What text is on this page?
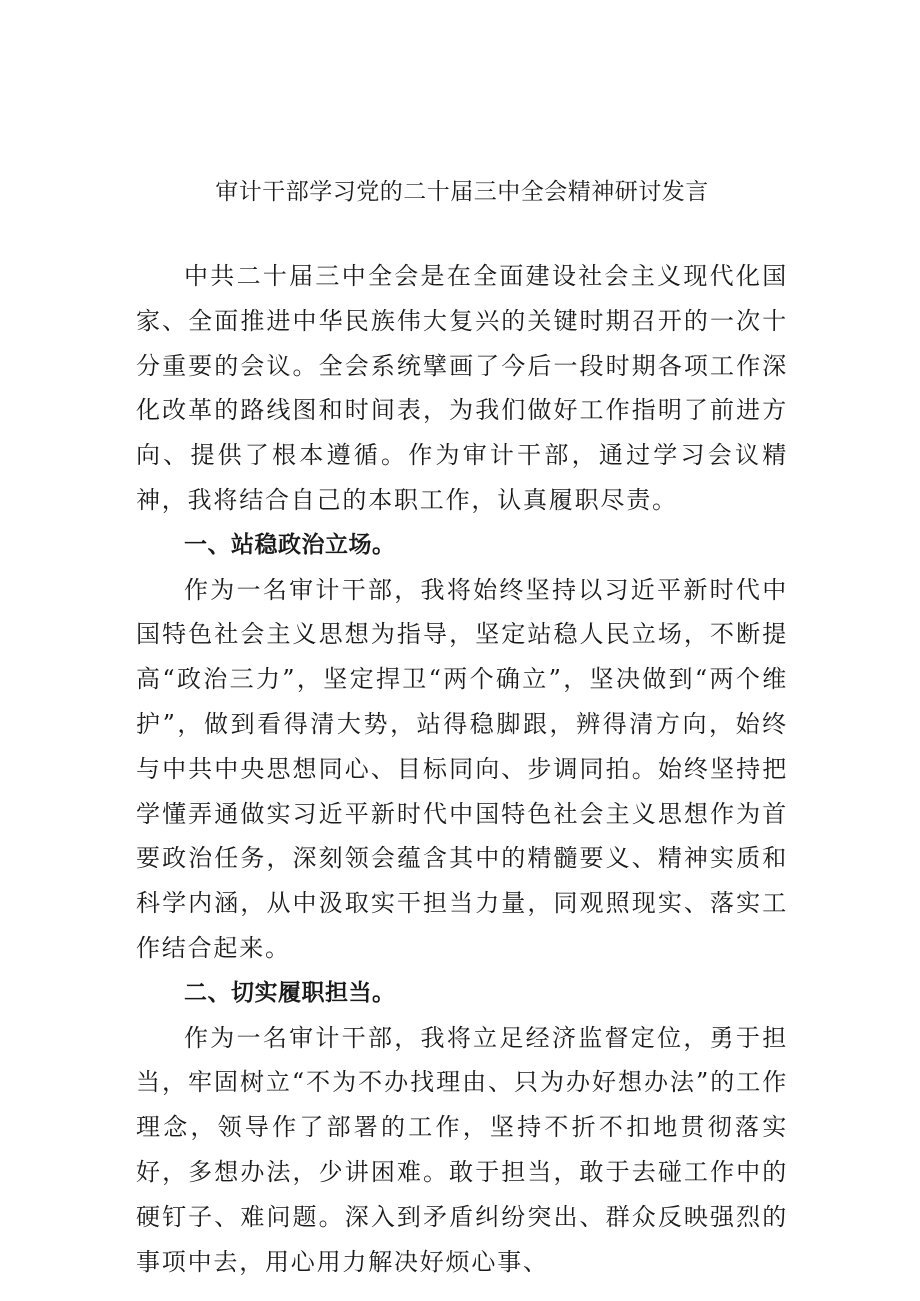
审计干部学习党的二十届三中全会精神研讨发言

中共二十届三中全会是在全面建设社会主义现代化国家、全面推进中华民族伟大复兴的关键时期召开的一次十分重要的会议。全会系统擘画了今后一段时期各项工作深化改革的路线图和时间表，为我们做好工作指明了前进方向、提供了根本遵循。作为审计干部，通过学习会议精神，我将结合自己的本职工作，认真履职尽责。

一、站稳政治立场。

作为一名审计干部，我将始终坚持以习近平新时代中国特色社会主义思想为指导，坚定站稳人民立场，不断提高“政治三力”，坚定捍卫“两个确立”，坚决做到“两个维护”，做到看得清大势，站得稳脚跟，辨得清方向，始终与中共中央思想同心、目标同向、步调同拍。始终坚持把学懂弄通做实习近平新时代中国特色社会主义思想作为首要政治任务，深刻领会蕴含其中的精髓要义、精神实质和科学内涵，从中汲取实干担当力量，同观照现实、落实工作结合起来。

二、切实履职担当。

作为一名审计干部，我将立足经济监督定位，勇于担当，牢固树立“不为不办找理由、只为办好想办法”的工作理念，领导作了部署的工作，坚持不折不扣地贯彻落实好，多想办法，少讲困难。敢于担当，敢于去碰工作中的硬钉子、难问题。深入到矛盾纠纷突出、群众反映强烈的事项中去，用心用力解决好烦心事、
